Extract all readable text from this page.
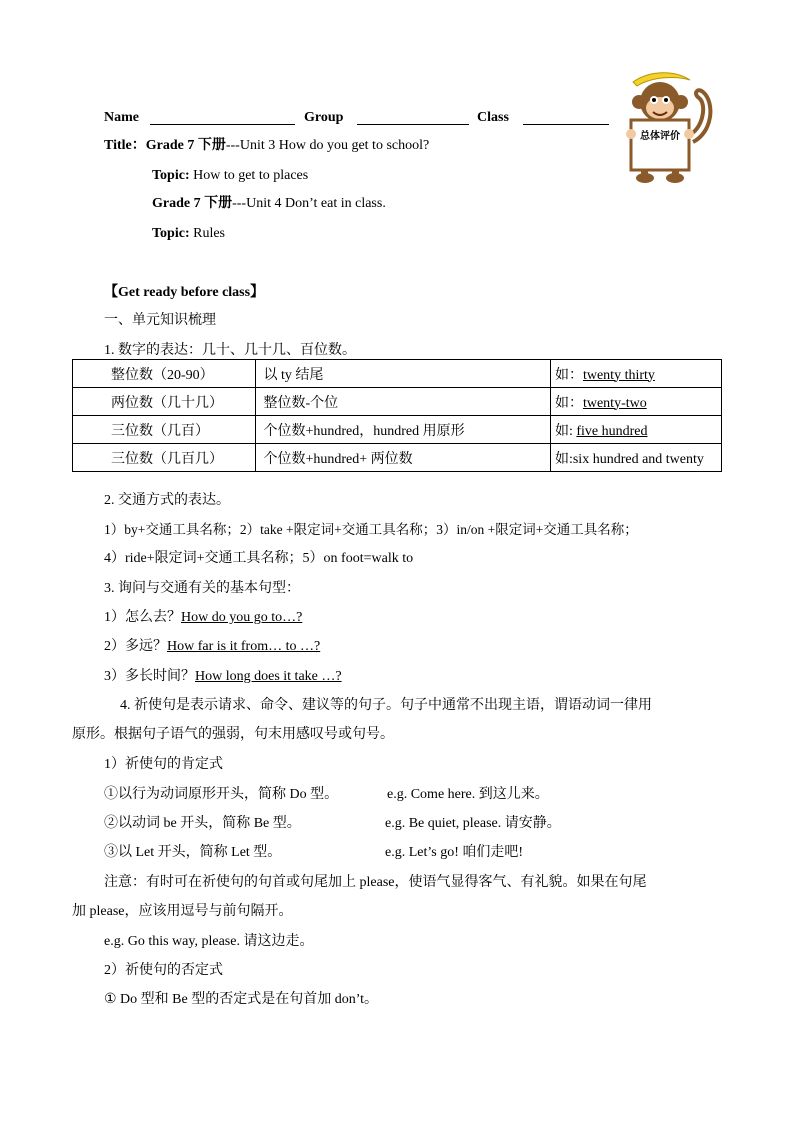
总体评价
Name	Group	Class
Title：Grade 7 下册---Unit 3 How do you get to school?
Topic: How to get to places
Grade 7 下册---Unit 4 Don’t eat in class.
Topic: Rules
【Get ready before class】
一、单元知识梳理
1. 数字的表达：几十、几十几、百位数。
整位数（20-90）	以 ty 结尾	如：twenty thirty
两位数（几十几）	整位数-个位	如：twenty-two
三位数（几百）	个位数+hundred，hundred 用原形	如: five hundred
三位数（几百几）	个位数+hundred+ 两位数	如:six hundred and twenty
2. 交通方式的表达。
1）by+交通工具名称；2）take +限定词+交通工具名称；3）in/on +限定词+交通工具名称；
4）ride+限定词+交通工具名称；5）on foot=walk to
3. 询问与交通有关的基本句型：
1）怎么去？How do you go to…?
2）多远？How far is it from… to …?
3）多长时间？How long does it take …?
4. 祈使句是表示请求、命令、建议等的句子。句子中通常不出现主语，谓语动词一律用
原形。根据句子语气的强弱，句末用感叹号或句号。
1）祈使句的肯定式
①以行为动词原形开头，简称 Do 型。	e.g. Come here. 到这儿来。
②以动词 be 开头，简称 Be 型。	e.g. Be quiet, please. 请安静。
③以 Let 开头，简称 Let 型。	e.g. Let’s go! 咱们走吧!
注意：有时可在祈使句的句首或句尾加上 please，使语气显得客气、有礼貌。如果在句尾
加 please，应该用逗号与前句隔开。
e.g. Go this way, please. 请这边走。
2）祈使句的否定式
① Do 型和 Be 型的否定式是在句首加 don’t。
